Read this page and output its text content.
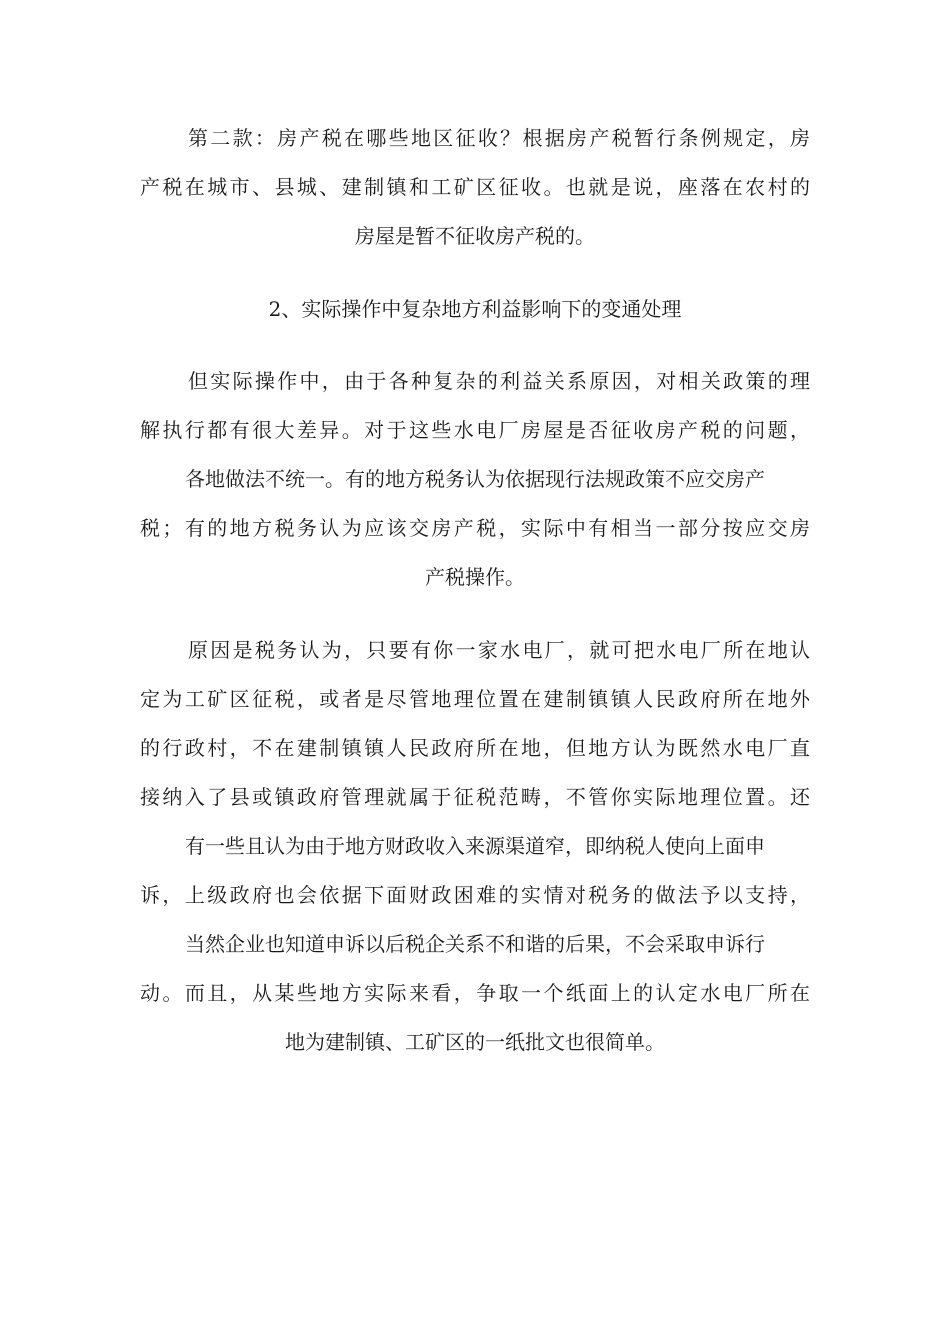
第二款：房产税在哪些地区征收？根据房产税暂行条例规定，房
产税在城市、县城、建制镇和工矿区征收。也就是说，座落在农村的
房屋是暂不征收房产税的。
2、实际操作中复杂地方利益影响下的变通处理
但实际操作中，由于各种复杂的利益关系原因，对相关政策的理
解执行都有很大差异。对于这些水电厂房屋是否征收房产税的问题，
各地做法不统一。有的地方税务认为依据现行法规政策不应交房产
税；有的地方税务认为应该交房产税，实际中有相当一部分按应交房
产税操作。
原因是税务认为，只要有你一家水电厂，就可把水电厂所在地认
定为工矿区征税，或者是尽管地理位置在建制镇镇人民政府所在地外
的行政村，不在建制镇镇人民政府所在地，但地方认为既然水电厂直
接纳入了县或镇政府管理就属于征税范畴，不管你实际地理位置。还
有一些且认为由于地方财政收入来源渠道窄，即纳税人使向上面申
诉，上级政府也会依据下面财政困难的实情对税务的做法予以支持，
当然企业也知道申诉以后税企关系不和谐的后果，不会采取申诉行
动。而且，从某些地方实际来看，争取一个纸面上的认定水电厂所在
地为建制镇、工矿区的一纸批文也很简单。
